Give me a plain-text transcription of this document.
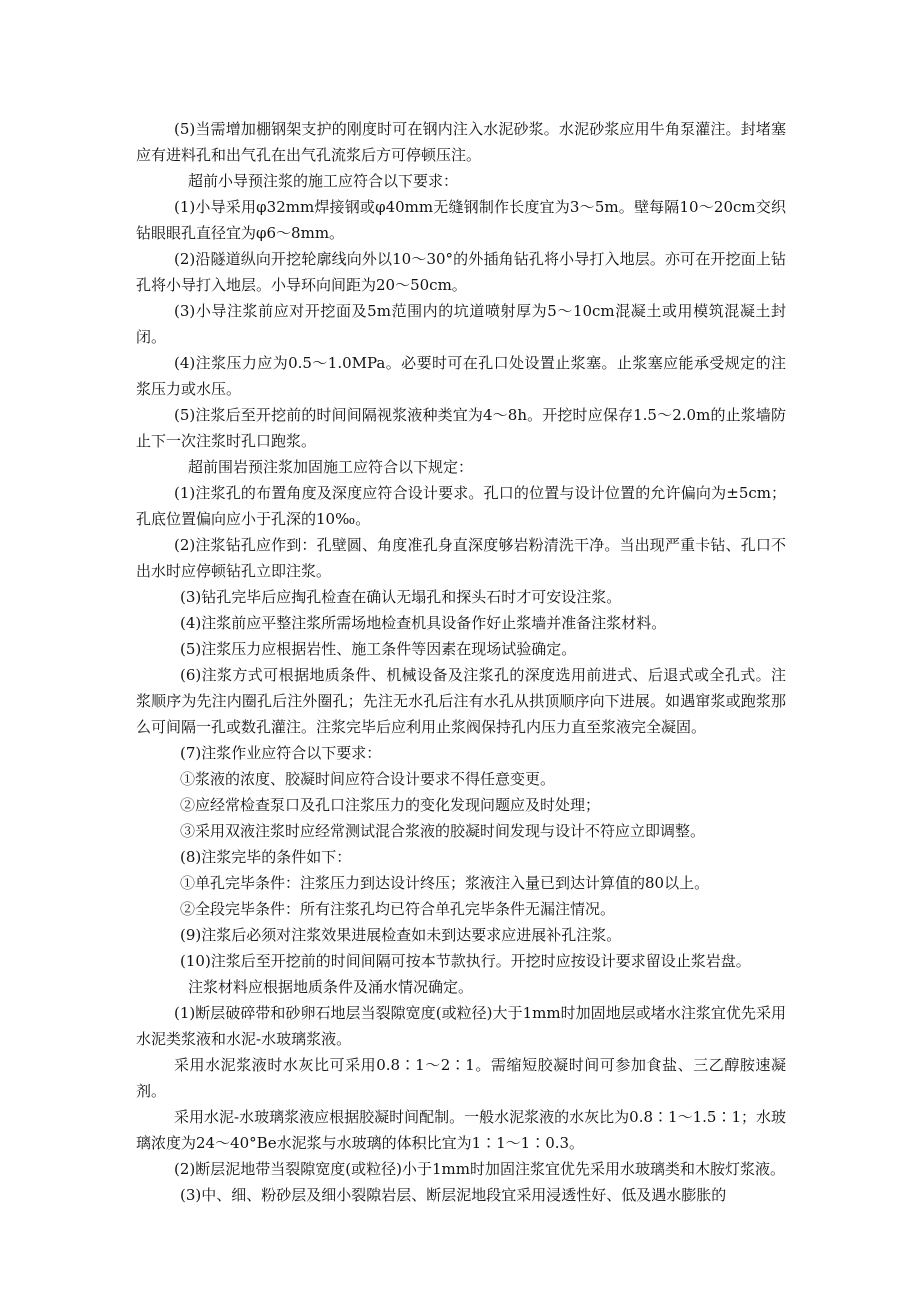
(5)当需增加棚钢架支护的刚度时可在钢内注入水泥砂浆。水泥砂浆应用牛角泵灌注。封堵塞应有进料孔和出气孔在出气孔流浆后方可停顿压注。

超前小导预注浆的施工应符合以下要求：

(1)小导采用φ32mm焊接钢或φ40mm无缝钢制作长度宜为3～5m。壁每隔10～20cm交织钻眼眼孔直径宜为φ6～8mm。

(2)沿隧道纵向开挖轮廓线向外以10～30°的外插角钻孔将小导打入地层。亦可在开挖面上钻孔将小导打入地层。小导环向间距为20～50cm。

(3)小导注浆前应对开挖面及5m范围内的坑道喷射厚为5～10cm混凝土或用模筑混凝土封闭。

(4)注浆压力应为0.5～1.0MPa。必要时可在孔口处设置止浆塞。止浆塞应能承受规定的注浆压力或水压。

(5)注浆后至开挖前的时间间隔视浆液种类宜为4～8h。开挖时应保存1.5～2.0m的止浆墙防止下一次注浆时孔口跑浆。

超前围岩预注浆加固施工应符合以下规定：

(1)注浆孔的布置角度及深度应符合设计要求。孔口的位置与设计位置的允许偏向为±5cm；孔底位置偏向应小于孔深的10‰。

(2)注浆钻孔应作到：孔壁圆、角度准孔身直深度够岩粉清洗干净。当出现严重卡钻、孔口不出水时应停顿钻孔立即注浆。

(3)钻孔完毕后应掏孔检查在确认无塌孔和探头石时才可安设注浆。

(4)注浆前应平整注浆所需场地检查机具设备作好止浆墙并准备注浆材料。

(5)注浆压力应根据岩性、施工条件等因素在现场试验确定。

(6)注浆方式可根据地质条件、机械设备及注浆孔的深度选用前进式、后退式或全孔式。注浆顺序为先注内圈孔后注外圈孔；先注无水孔后注有水孔从拱顶顺序向下进展。如遇窜浆或跑浆那么可间隔一孔或数孔灌注。注浆完毕后应利用止浆阀保持孔内压力直至浆液完全凝固。

(7)注浆作业应符合以下要求：

①浆液的浓度、胶凝时间应符合设计要求不得任意变更。

②应经常检查泵口及孔口注浆压力的变化发现问题应及时处理；

③采用双液注浆时应经常测试混合浆液的胶凝时间发现与设计不符应立即调整。

(8)注浆完毕的条件如下：

①单孔完毕条件：注浆压力到达设计终压；浆液注入量已到达计算值的80以上。

②全段完毕条件：所有注浆孔均已符合单孔完毕条件无漏注情况。

(9)注浆后必须对注浆效果进展检查如未到达要求应进展补孔注浆。

(10)注浆后至开挖前的时间间隔可按本节款执行。开挖时应按设计要求留设止浆岩盘。

注浆材料应根据地质条件及涌水情况确定。

(1)断层破碎带和砂卵石地层当裂隙宽度(或粒径)大于1mm时加固地层或堵水注浆宜优先采用水泥类浆液和水泥-水玻璃浆液。

采用水泥浆液时水灰比可采用0.8∶1～2∶1。需缩短胶凝时间可参加食盐、三乙醇胺速凝剂。

采用水泥-水玻璃浆液应根据胶凝时间配制。一般水泥浆液的水灰比为0.8∶1～1.5∶1；水玻璃浓度为24～40°Be水泥浆与水玻璃的体积比宜为1∶1～1∶0.3。

(2)断层泥地带当裂隙宽度(或粒径)小于1mm时加固注浆宜优先采用水玻璃类和木胺灯浆液。

(3)中、细、粉砂层及细小裂隙岩层、断层泥地段宜采用浸透性好、低及遇水膨胀的
